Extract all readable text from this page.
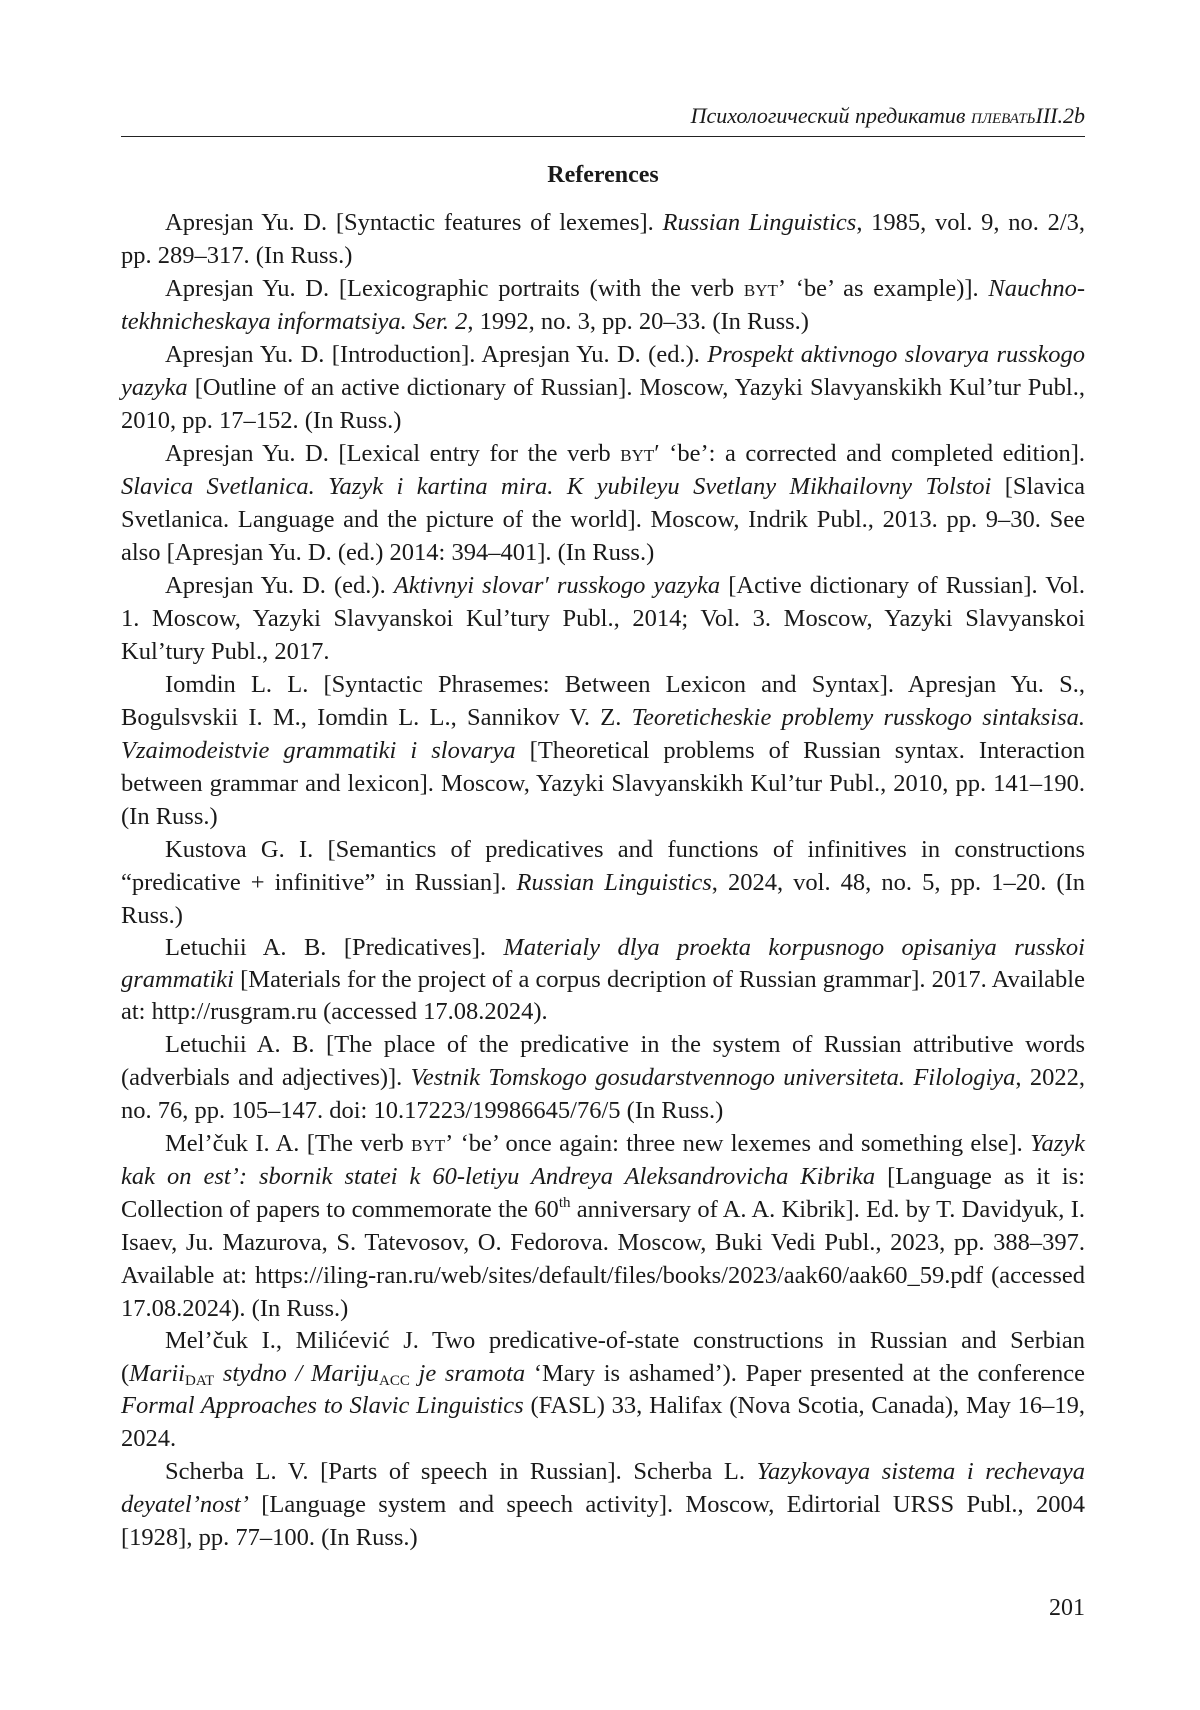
Психологический предикатив плеватьIII.2b
References

Apresjan Yu. D. [Syntactic features of lexemes]. Russian Linguistics, 1985, vol. 9, no. 2/3, pp. 289–317. (In Russ.)

Apresjan Yu. D. [Lexicographic portraits (with the verb byt’ ‘be’ as example)]. Nauchno-tekhnicheskaya informatsiya. Ser. 2, 1992, no. 3, pp. 20–33. (In Russ.)

Apresjan Yu. D. [Introduction]. Apresjan Yu. D. (ed.). Prospekt aktivnogo slovarya russkogo yazyka [Outline of an active dictionary of Russian]. Moscow, Yazyki Slavyanskikh Kul’tur Publ., 2010, pp. 17–152. (In Russ.)

Apresjan Yu. D. [Lexical entry for the verb byt′ ‘be’: a corrected and completed edition]. Slavica Svetlanica. Yazyk i kartina mira. K yubileyu Svetlany Mikhailovny Tolstoi [Slavica Svetlanica. Language and the picture of the world]. Moscow, Indrik Publ., 2013. pp. 9–30. See also [Apresjan Yu. D. (ed.) 2014: 394–401]. (In Russ.)

Apresjan Yu. D. (ed.). Aktivnyi slovar′ russkogo yazyka [Active dictionary of Russian]. Vol. 1. Moscow, Yazyki Slavyanskoi Kul’tury Publ., 2014; Vol. 3. Moscow, Yazyki Slavyanskoi Kul’tury Publ., 2017.

Iomdin L. L. [Syntactic Phrasemes: Between Lexicon and Syntax]. Apresjan Yu. S., Bogulsvskii I. M., Iomdin L. L., Sannikov V. Z. Teoreticheskie problemy russkogo sintaksisa. Vzaimodeistvie grammatiki i slovarya [Theoretical problems of Russian syntax. Interaction between grammar and lexicon]. Moscow, Yazyki Slavyanskikh Kul’tur Publ., 2010, pp. 141–190. (In Russ.)

Kustova G. I. [Semantics of predicatives and functions of infinitives in constructions “predicative + infinitive” in Russian]. Russian Linguistics, 2024, vol. 48, no. 5, pp. 1–20. (In Russ.)

Letuchii A. B. [Predicatives]. Materialy dlya proekta korpusnogo opisaniya russkoi grammatiki [Materials for the project of a corpus decription of Russian grammar]. 2017. Available at: http://rusgram.ru (accessed 17.08.2024).

Letuchii A. B. [The place of the predicative in the system of Russian attributive words (adverbials and adjectives)]. Vestnik Tomskogo gosudarstvennogo universiteta. Filologiya, 2022, no. 76, pp. 105–147. doi: 10.17223/19986645/76/5 (In Russ.)

Mel’čuk I. A. [The verb byt’ ‘be’ once again: three new lexemes and something else]. Yazyk kak on est’: sbornik statei k 60-letiyu Andreya Aleksandrovicha Kibrika [Language as it is: Collection of papers to commemorate the 60th anniversary of A. A. Kibrik]. Ed. by T. Davidyuk, I. Isaev, Ju. Mazurova, S. Tatevosov, O. Fedorova. Moscow, Buki Vedi Publ., 2023, pp. 388–397. Available at: https://iling-ran.ru/web/sites/default/files/books/2023/aak60/aak60_59.pdf (accessed 17.08.2024). (In Russ.)

Mel’čuk I., Milićević J. Two predicative-of-state constructions in Russian and Serbian (Marii$_{DAT}$ stydno / Mariju$_{ACC}$ je sramota ‘Mary is ashamed’). Paper presented at the conference Formal Approaches to Slavic Linguistics (FASL) 33, Halifax (Nova Scotia, Canada), May 16–19, 2024.

Scherba L. V. [Parts of speech in Russian]. Scherba L. Yazykovaya sistema i rechevaya deyatel’nost’ [Language system and speech activity]. Moscow, Edirtorial URSS Publ., 2004 [1928], pp. 77–100. (In Russ.)

201
